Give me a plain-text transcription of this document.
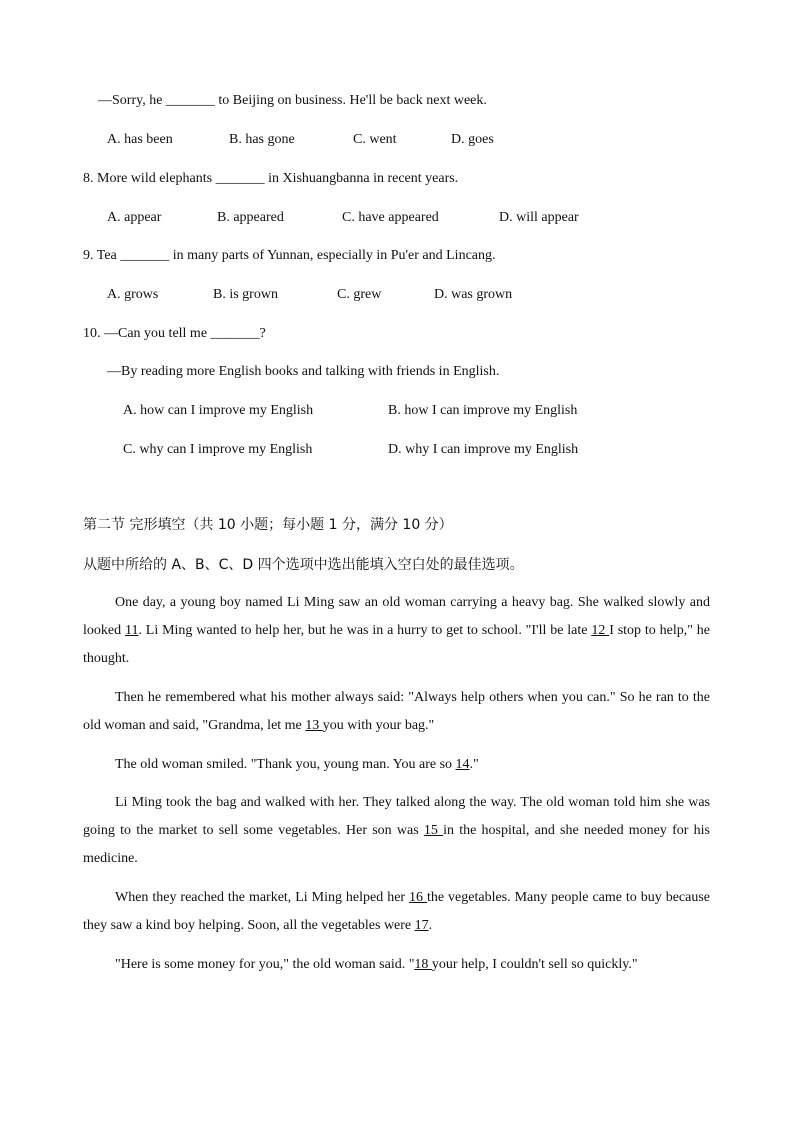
—Sorry, he _______ to Beijing on business. He'll be back next week.
A. has been	B. has gone	C. went	D. goes
8. More wild elephants _______ in Xishuangbanna in recent years.
A. appear	B. appeared	C. have appeared	D. will appear
9. Tea _______ in many parts of Yunnan, especially in Pu'er and Lincang.
A. grows	B. is grown	C. grew	D. was grown
10. —Can you tell me _______?
—By reading more English books and talking with friends in English.
A. how can I improve my English	B. how I can improve my English
C. why can I improve my English	D. why I can improve my English
第二节 完形填空（共 10 小题；每小题 1 分，满分 10 分）
从题中所给的 A、B、C、D 四个选项中选出能填入空白处的最佳选项。
One day, a young boy named Li Ming saw an old woman carrying a heavy bag. She walked slowly and looked 11. Li Ming wanted to help her, but he was in a hurry to get to school. "I'll be late 12 I stop to help," he thought.
Then he remembered what his mother always said: "Always help others when you can." So he ran to the old woman and said, "Grandma, let me 13 you with your bag."
The old woman smiled. "Thank you, young man. You are so 14."
Li Ming took the bag and walked with her. They talked along the way. The old woman told him she was going to the market to sell some vegetables. Her son was 15 in the hospital, and she needed money for his medicine.
When they reached the market, Li Ming helped her 16 the vegetables. Many people came to buy because they saw a kind boy helping. Soon, all the vegetables were 17.
"Here is some money for you," the old woman said. "18 your help, I couldn't sell so quickly."
